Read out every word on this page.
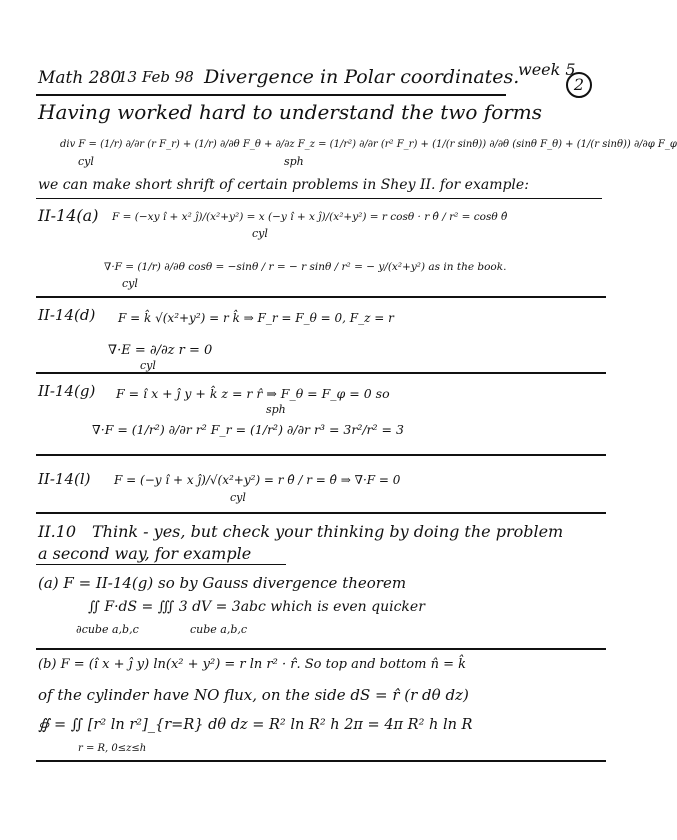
Math 280
13 Feb 98 Divergence in Polar coordinates.
week 5
2
Having worked hard to understand the two forms
div F = (1/r) ∂/∂r (r F_r) + (1/r) ∂/∂θ F_θ + ∂/∂z F_z = (1/r²) ∂/∂r (r² F_r) + (1/(r sinθ)) ∂/∂θ (sinθ F_θ) + (1/(r sinθ)) ∂/∂φ F_φ
cyl	sph
we can make short shrift of certain problems in Shey II. for example:
II-14(a) F = (−xy î + x² ĵ)/(x²+y²) = x (−y î + x ĵ)/(x²+y²) = r cosθ · r θ̂ / r² = cosθ θ̂
cyl
∇·F = (1/r) ∂/∂θ cosθ = −sinθ / r = − r sinθ / r² = − y/(x²+y²) as in the book.
cyl
II-14(d) F = k̂ √(x²+y²) = r k̂ ⇒ F_r = F_θ = 0, F_z = r
∇·E = ∂/∂z r = 0
cyl
II-14(g) F = î x + ĵ y + k̂ z = r r̂ ⇒ F_θ = F_φ = 0 so
sph
∇·F = (1/r²) ∂/∂r r² F_r = (1/r²) ∂/∂r r³ = 3r²/r² = 3
II-14(l) F = (−y î + x ĵ)/√(x²+y²) = r θ̂ / r = θ̂ ⇒ ∇·F = 0
cyl
II.10 Think - yes, but check your thinking by doing the problem
a second way, for example
(a) F = II-14(g) so by Gauss divergence theorem
∬ F·dS = ∭ 3 dV = 3abc which is even quicker
∂cube a,b,c	cube a,b,c
(b) F = (î x + ĵ y) ln(x² + y²) = r ln r² · r̂. So top and bottom n̂ = k̂
of the cylinder have NO flux, on the side dS = r̂ (r dθ dz)
∯ = ∬ [r² ln r²]_{r=R} dθ dz = R² ln R² h 2π = 4π R² h ln R
r = R, 0≤z≤h
